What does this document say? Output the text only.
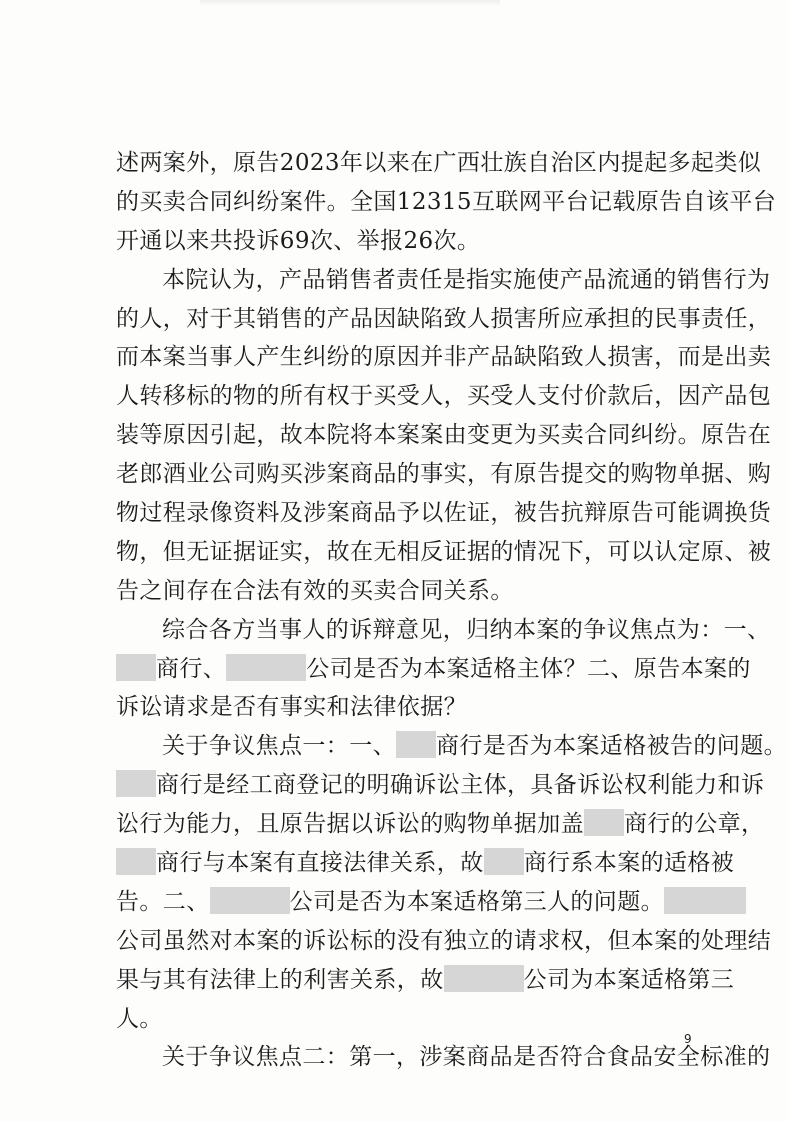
述两案外，原告2023年以来在广西壮族自治区内提起多起类似
的买卖合同纠纷案件。全国12315互联网平台记载原告自该平台
开通以来共投诉69次、举报26次。
本院认为，产品销售者责任是指实施使产品流通的销售行为
的人，对于其销售的产品因缺陷致人损害所应承担的民事责任，
而本案当事人产生纠纷的原因并非产品缺陷致人损害，而是出卖
人转移标的物的所有权于买受人，买受人支付价款后，因产品包
装等原因引起，故本院将本案案由变更为买卖合同纠纷。原告在
老郎酒业公司购买涉案商品的事实，有原告提交的购物单据、购
物过程录像资料及涉案商品予以佐证，被告抗辩原告可能调换货
物，但无证据证实，故在无相反证据的情况下，可以认定原、被
告之间存在合法有效的买卖合同关系。
综合各方当事人的诉辩意见，归纳本案的争议焦点为：一、
商行、	公司是否为本案适格主体？二、原告本案的
诉讼请求是否有事实和法律依据？
关于争议焦点一：一、 商行是否为本案适格被告的问题。
商行是经工商登记的明确诉讼主体，具备诉讼权利能力和诉
讼行为能力，且原告据以诉讼的购物单据加盖 商行的公章，
商行与本案有直接法律关系，故 商行系本案的适格被
告。二、	公司是否为本案适格第三人的问题。
公司虽然对本案的诉讼标的没有独立的请求权，但本案的处理结
果与其有法律上的利害关系，故	公司为本案适格第三
人。
关于争议焦点二：第一，涉案商品是否符合食品安全标准的
9
